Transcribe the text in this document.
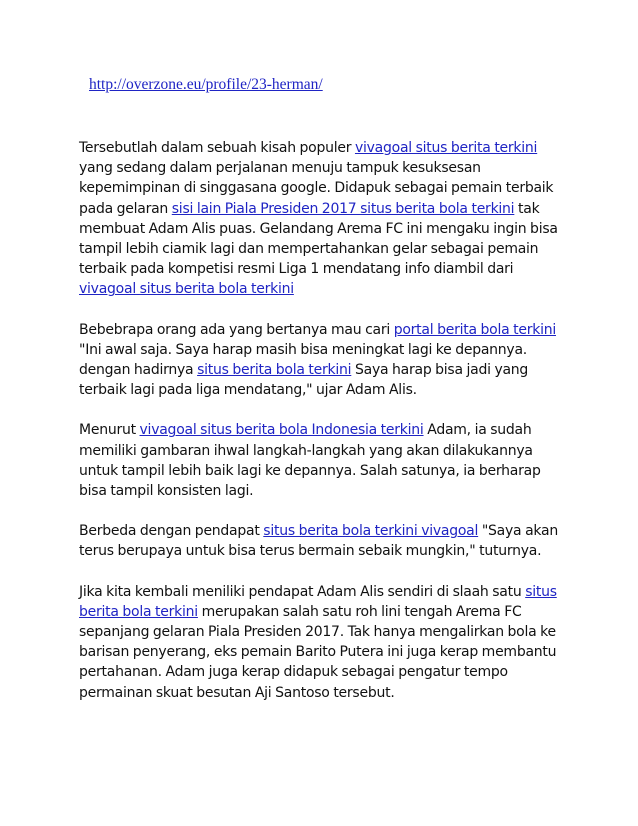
http://overzone.eu/profile/23-herman/

Tersebutlah dalam sebuah kisah populer vivagoal situs berita terkini yang sedang dalam perjalanan menuju tampuk kesuksesan kepemimpinan di singgasana google. Didapuk sebagai pemain terbaik pada gelaran sisi lain Piala Presiden 2017 situs berita bola terkini tak membuat Adam Alis puas. Gelandang Arema FC ini mengaku ingin bisa tampil lebih ciamik lagi dan mempertahankan gelar sebagai pemain terbaik pada kompetisi resmi Liga 1 mendatang info diambil dari vivagoal situs berita bola terkini

Bebebrapa orang ada yang bertanya mau cari portal berita bola terkini "Ini awal saja. Saya harap masih bisa meningkat lagi ke depannya. dengan hadirnya situs berita bola terkini Saya harap bisa jadi yang terbaik lagi pada liga mendatang," ujar Adam Alis.

Menurut vivagoal situs berita bola Indonesia terkini Adam, ia sudah memiliki gambaran ihwal langkah-langkah yang akan dilakukannya untuk tampil lebih baik lagi ke depannya. Salah satunya, ia berharap bisa tampil konsisten lagi.

Berbeda dengan pendapat situs berita bola terkini vivagoal "Saya akan terus berupaya untuk bisa terus bermain sebaik mungkin," tuturnya.

Jika kita kembali meniliki pendapat Adam Alis sendiri di slaah satu situs berita bola terkini merupakan salah satu roh lini tengah Arema FC sepanjang gelaran Piala Presiden 2017. Tak hanya mengalirkan bola ke barisan penyerang, eks pemain Barito Putera ini juga kerap membantu pertahanan. Adam juga kerap didapuk sebagai pengatur tempo permainan skuat besutan Aji Santoso tersebut.
